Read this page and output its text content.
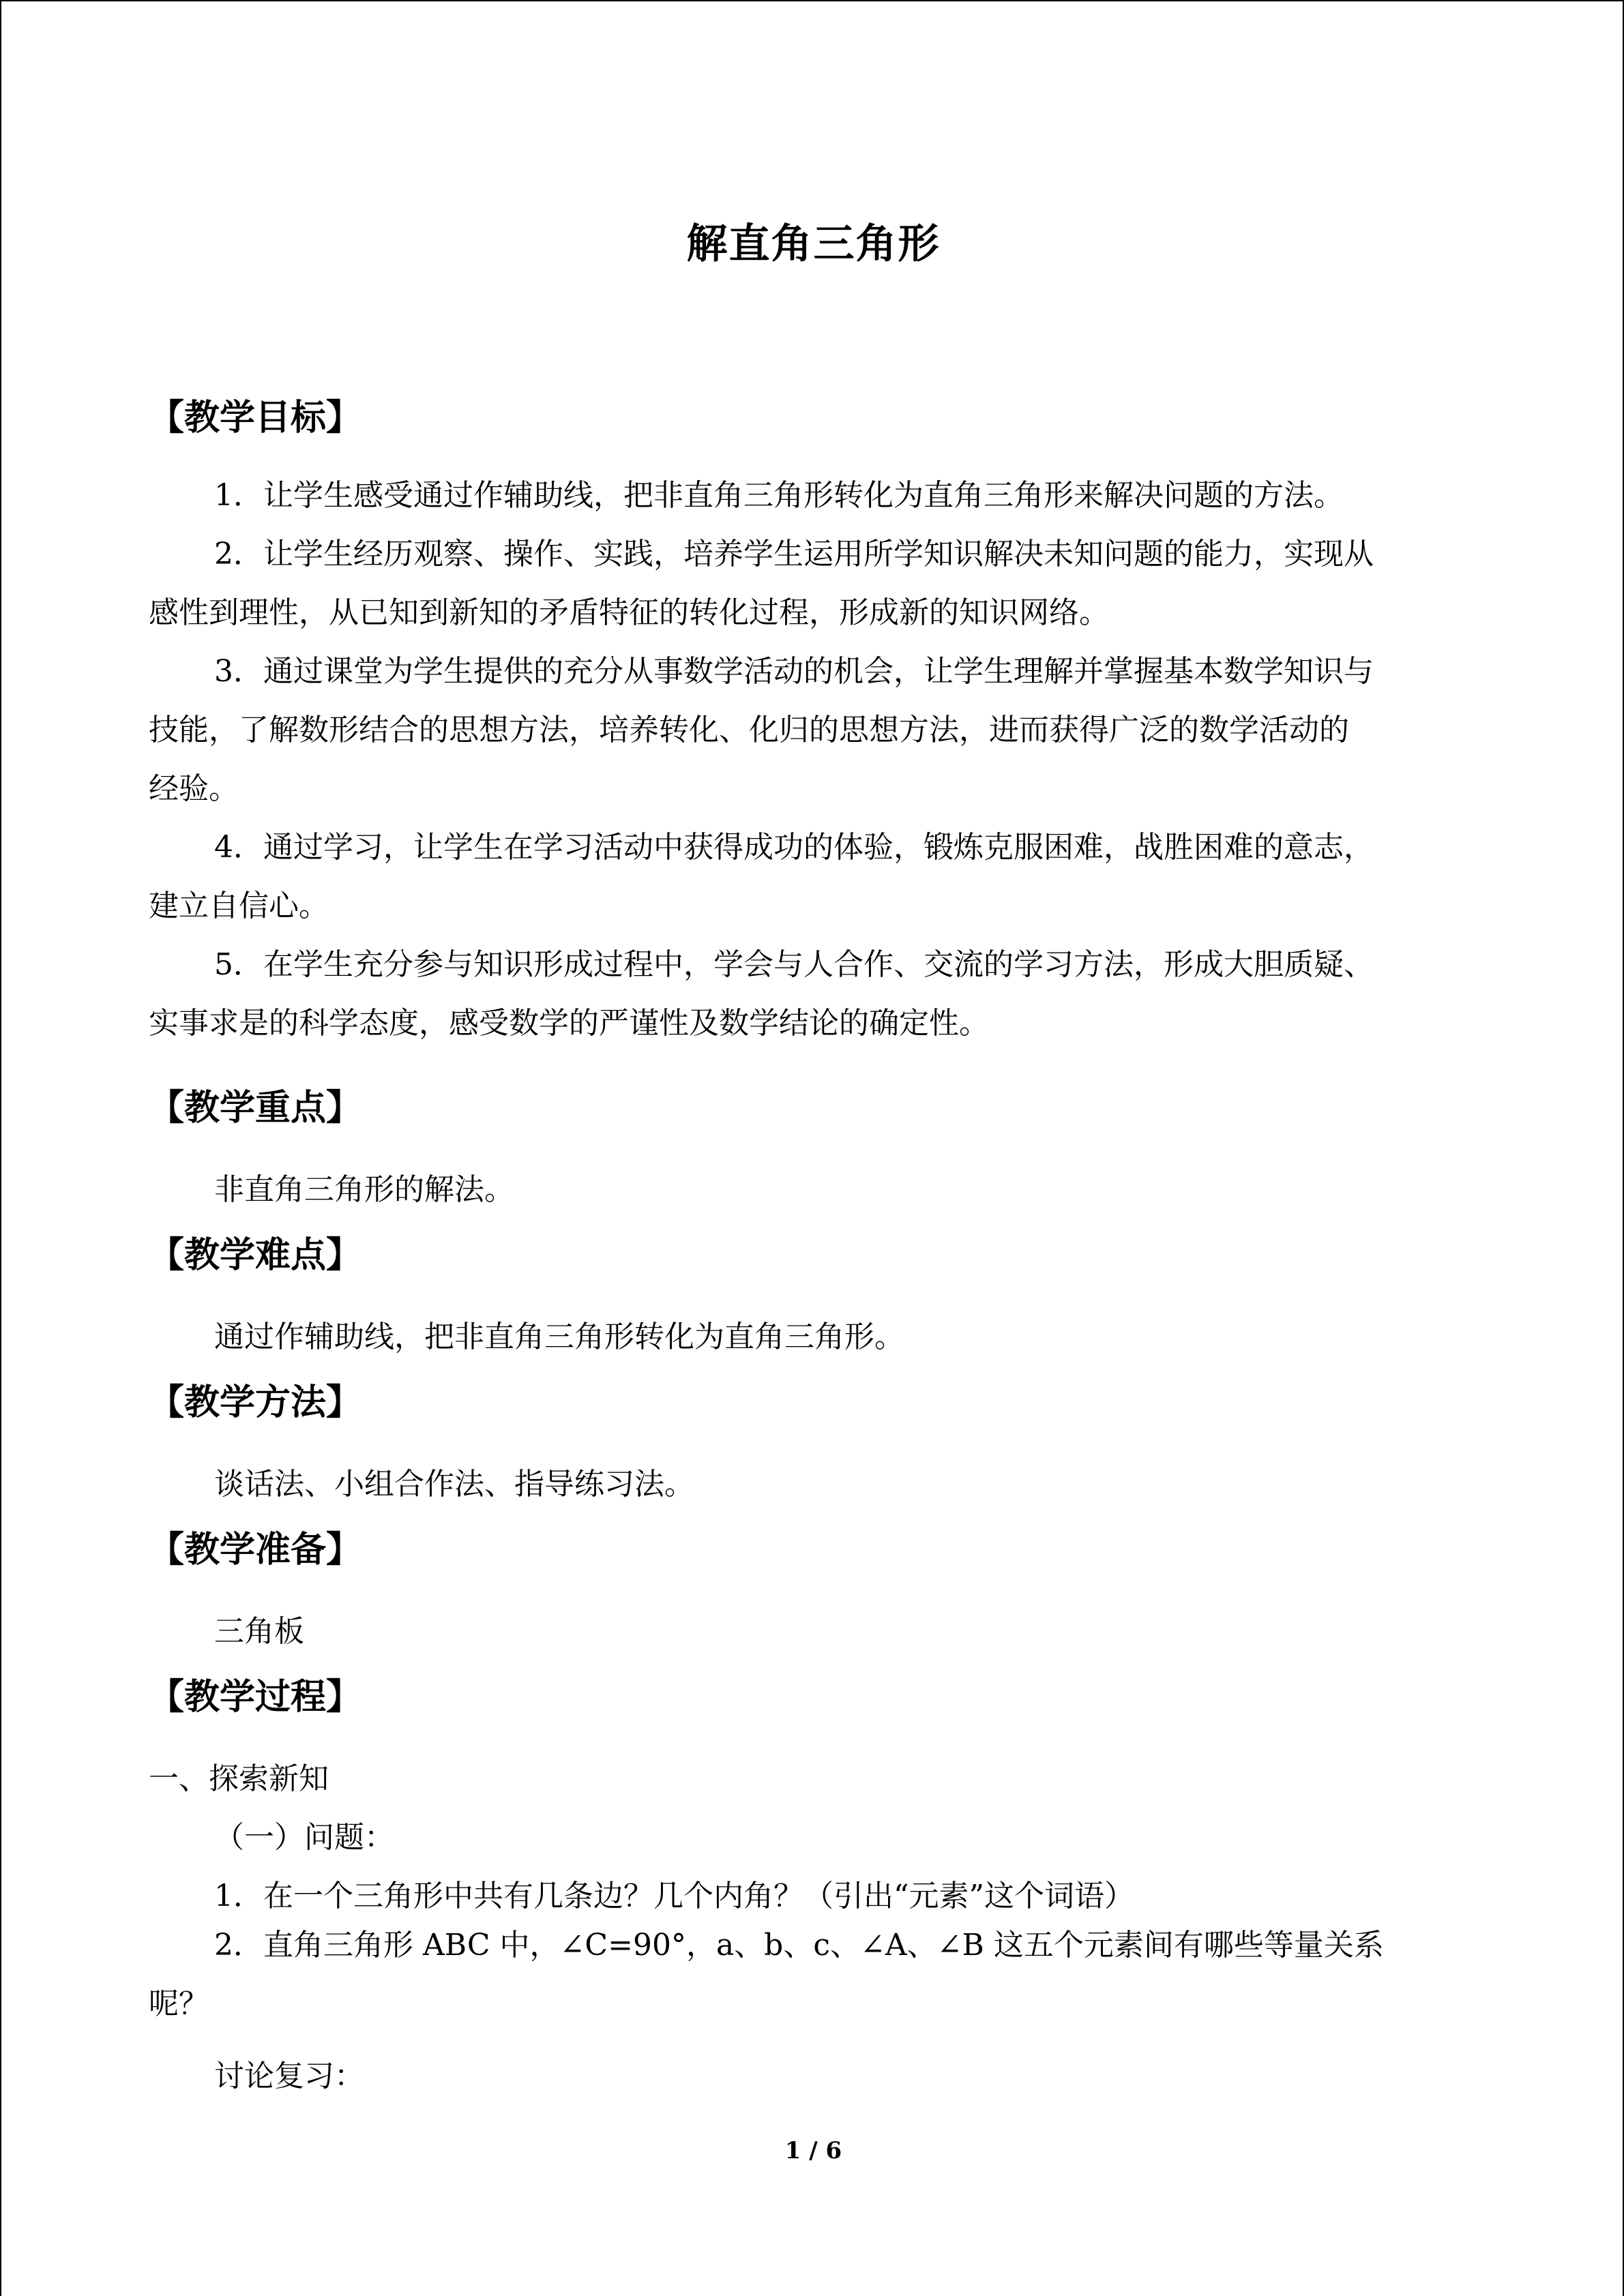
解直角三角形
【教学目标】
1．让学生感受通过作辅助线，把非直角三角形转化为直角三角形来解决问题的方法。
2．让学生经历观察、操作、实践，培养学生运用所学知识解决未知问题的能力，实现从
感性到理性，从已知到新知的矛盾特征的转化过程，形成新的知识网络。
3．通过课堂为学生提供的充分从事数学活动的机会，让学生理解并掌握基本数学知识与
技能，了解数形结合的思想方法，培养转化、化归的思想方法，进而获得广泛的数学活动的
经验。
4．通过学习，让学生在学习活动中获得成功的体验，锻炼克服困难，战胜困难的意志，
建立自信心。
5．在学生充分参与知识形成过程中，学会与人合作、交流的学习方法，形成大胆质疑、
实事求是的科学态度，感受数学的严谨性及数学结论的确定性。
【教学重点】
非直角三角形的解法。
【教学难点】
通过作辅助线，把非直角三角形转化为直角三角形。
【教学方法】
谈话法、小组合作法、指导练习法。
【教学准备】
三角板
【教学过程】
一、探索新知
（一）问题：
1．在一个三角形中共有几条边？几个内角？（引出“元素”这个词语）
2．直角三角形 ABC 中，∠C=90°，a、b、c、∠A、∠B 这五个元素间有哪些等量关系
呢？
讨论复习：
1 / 6
